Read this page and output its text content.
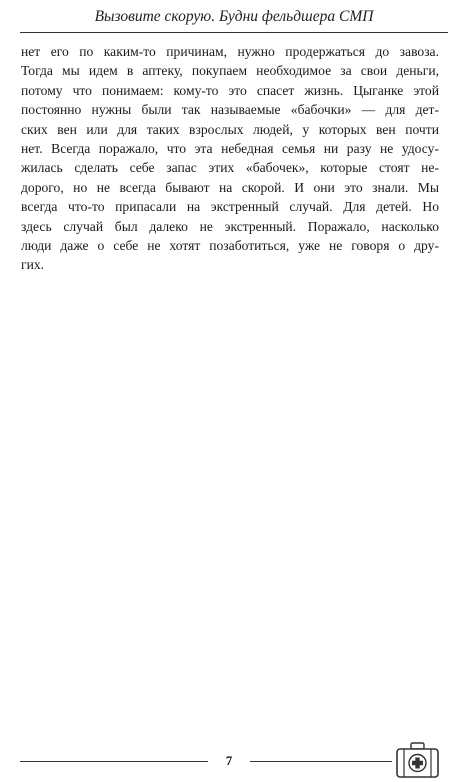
Вызовите скорую. Будни фельдшера СМП
нет его по каким-то причинам, нужно продержаться до завоза.
Тогда мы идем в аптеку, покупаем необходимое за свои деньги,
потому что понимаем: кому-то это спасет жизнь. Цыганке этой
постоянно нужны были так называемые «бабочки» — для дет-
ских вен или для таких взрослых людей, у которых вен почти
нет. Всегда поражало, что эта небедная семья ни разу не удосу-
жилась сделать себе запас этих «бабочек», которые стоят не-
дорого, но не всегда бывают на скорой. И они это знали. Мы
всегда что-то припасали на экстренный случай. Для детей. Но
здесь случай был далеко не экстренный. Поражало, насколько
люди даже о себе не хотят позаботиться, уже не говоря о дру-
гих.
7
